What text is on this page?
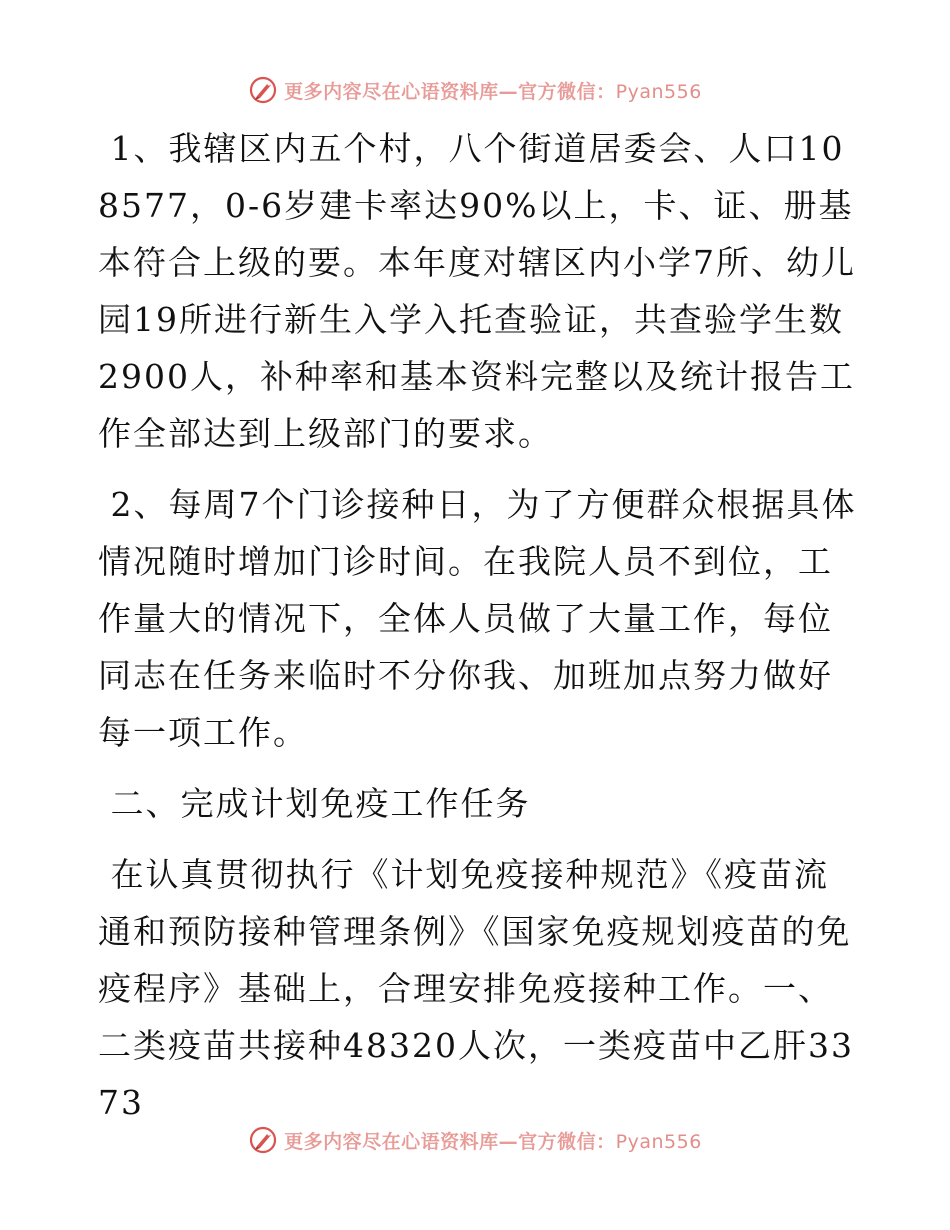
更多内容尽在心语资料库—官方微信：Pyan556

1、我辖区内五个村，八个街道居委会、人口108577，0-6岁建卡率达90%以上，卡、证、册基本符合上级的要。本年度对辖区内小学7所、幼儿园19所进行新生入学入托查验证，共查验学生数2900人，补种率和基本资料完整以及统计报告工作全部达到上级部门的要求。

2、每周7个门诊接种日，为了方便群众根据具体情况随时增加门诊时间。在我院人员不到位，工作量大的情况下，全体人员做了大量工作，每位同志在任务来临时不分你我、加班加点努力做好每一项工作。

二、完成计划免疫工作任务

在认真贯彻执行《计划免疫接种规范》《疫苗流通和预防接种管理条例》《国家免疫规划疫苗的免疫程序》基础上，合理安排免疫接种工作。一、二类疫苗共接种48320人次，一类疫苗中乙肝3373

更多内容尽在心语资料库—官方微信：Pyan556
